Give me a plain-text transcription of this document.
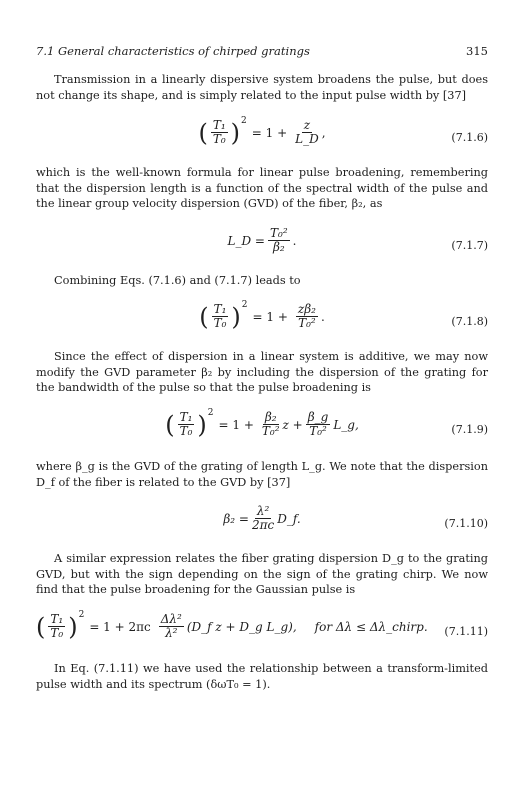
7.1 General characteristics of chirped gratings	315
Transmission in a linearly dispersive system broadens the pulse, but does not change its shape, and is simply related to the input pulse width by [37]
( $\frac{\text{T₁}}{\text{T₀}}$ ) 2
= $1 + \frac{z}{L\_D}$ ,	(7.1.6)
which is the well-known formula for linear pulse broadening, remembering that the dispersion length is a function of the spectral width of the pulse and the linear group velocity dispersion (GVD) of the fiber, β₂, as
L_D = $\frac{\text{T₀²}}{\text{β₂}}$ .	(7.1.7)
Combining Eqs. (7.1.6) and (7.1.7) leads to
( $\frac{\text{T₁}}{\text{T₀}}$ ) 2
= $1 + \frac{\text{zβ₂}}{\text{T₀²}}$ .	(7.1.8)
Since the effect of dispersion in a linear system is additive, we may now modify the GVD parameter β₂ by including the dispersion of the grating for the bandwidth of the pulse so that the pulse broadening is
( $\frac{\text{T₁}}{\text{T₀}}$ ) 2
= $1 + \frac{\text{β₂}}{\text{T₀²}}$ $z + \frac{\beta\_g}{\text{T₀²}}$ L_g,	(7.1.9)
where β_g is the GVD of the grating of length L_g. We note that the dispersion D_f of the fiber is related to the GVD by [37]
$\beta_2 = \frac{\text{λ²}}{2\pi c}$ D_f.	(7.1.10)
A similar expression relates the fiber grating dispersion D_g to the grating GVD, but with the sign depending on the sign of the grating chirp. We now find that the pulse broadening for the Gaussian pulse is
( $\frac{\text{T₁}}{\text{T₀}}$ ) 2
= $1 + 2\pi c \frac{\text{Δλ²}}{\text{λ²}}$ (D_f z + D_g L_g), for Δλ ≤ Δλ_chirp. (7.1.11)
In Eq. (7.1.11) we have used the relationship between a transform-limited pulse width and its spectrum (δωT₀ = 1).
